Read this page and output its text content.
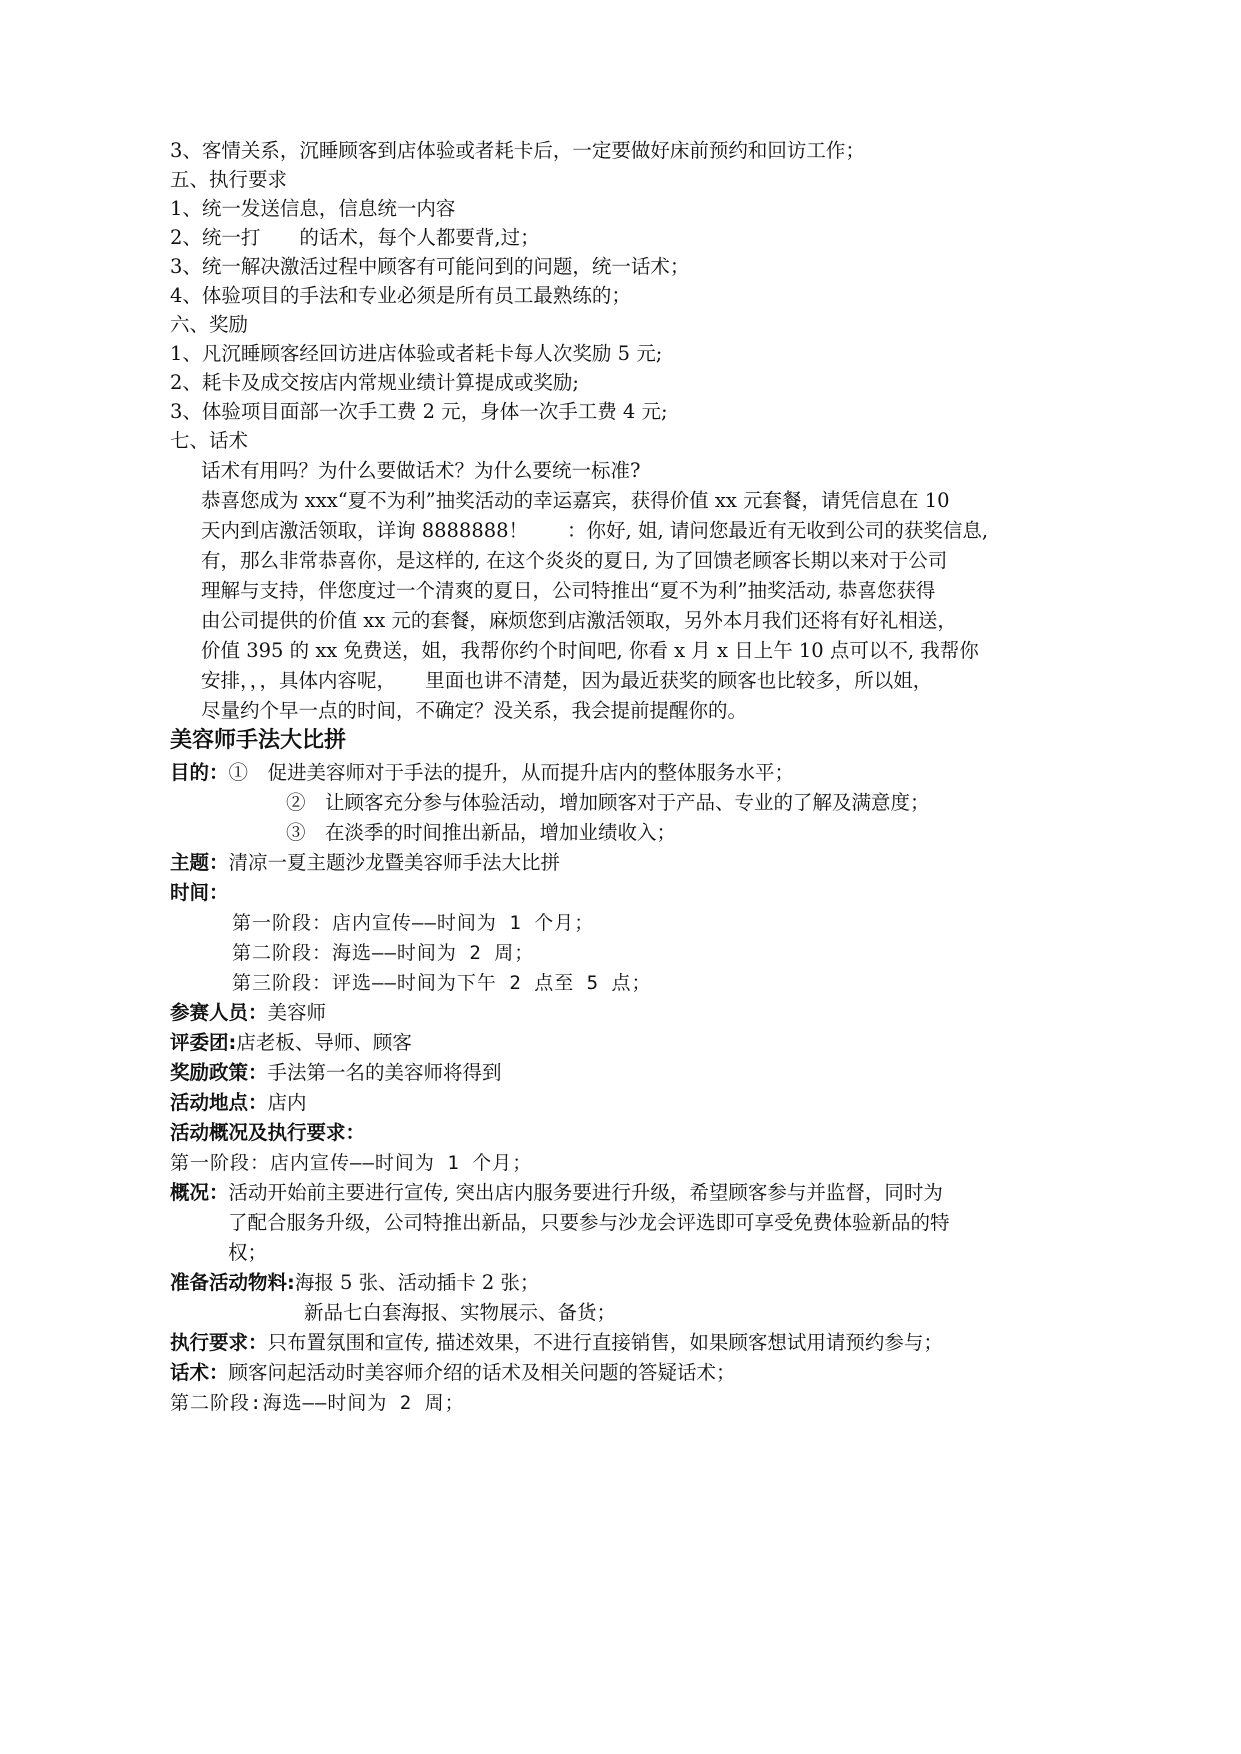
3、客情关系，沉睡顾客到店体验或者耗卡后，一定要做好床前预约和回访工作；
五、执行要求
1、统一发送信息，信息统一内容
2、统一打　　的话术，每个人都要背,过；
3、统一解决激活过程中顾客有可能问到的问题，统一话术；
4、体验项目的手法和专业必须是所有员工最熟练的；
六、奖励
1、凡沉睡顾客经回访进店体验或者耗卡每人次奖励 5 元;
2、耗卡及成交按店内常规业绩计算提成或奖励;
3、体验项目面部一次手工费 2 元，身体一次手工费 4 元;
七、话术
话术有用吗？为什么要做话术？为什么要统一标准?
恭喜您成为 xxx“夏不为利”抽奖活动的幸运嘉宾，获得价值 xx 元套餐，请凭信息在 10
天内到店激活领取，详询 8888888！　　：你好, 姐, 请问您最近有无收到公司的获奖信息,
有，那么非常恭喜你，是这样的, 在这个炎炎的夏日, 为了回馈老顾客长期以来对于公司
理解与支持，伴您度过一个清爽的夏日，公司特推出“夏不为利”抽奖活动, 恭喜您获得
由公司提供的价值 xx 元的套餐，麻烦您到店激活领取，另外本月我们还将有好礼相送，
价值 395 的 xx 免费送，姐，我帮你约个时间吧, 你看 x 月 x 日上午 10 点可以不, 我帮你
安排，，，具体内容呢，　　里面也讲不清楚，因为最近获奖的顾客也比较多，所以姐，
尽量约个早一点的时间，不确定？没关系，我会提前提醒你的。
美容师手法大比拼
目的：①　促进美容师对于手法的提升，从而提升店内的整体服务水平；
②　让顾客充分参与体验活动，增加顾客对于产品、专业的了解及满意度；
③　在淡季的时间推出新品，增加业绩收入；
主题：清凉一夏主题沙龙暨美容师手法大比拼
时间：
第一阶段：店内宣传——时间为 1 个月；
第二阶段：海选——时间为 2 周；
第三阶段：评选——时间为下午 2 点至 5 点；
参赛人员：美容师
评委团:店老板、导师、顾客
奖励政策：手法第一名的美容师将得到
活动地点：店内
活动概况及执行要求：
第一阶段：店内宣传——时间为 1 个月；
概况：活动开始前主要进行宣传, 突出店内服务要进行升级，希望顾客参与并监督，同时为
了配合服务升级，公司特推出新品，只要参与沙龙会评选即可享受免费体验新品的特
权；
准备活动物料:海报 5 张、活动插卡 2 张；
新品七白套海报、实物展示、备货；
执行要求：只布置氛围和宣传, 描述效果，不进行直接销售，如果顾客想试用请预约参与；
话术：顾客问起活动时美容师介绍的话术及相关问题的答疑话术；
第二阶段:海选——时间为 2 周；
